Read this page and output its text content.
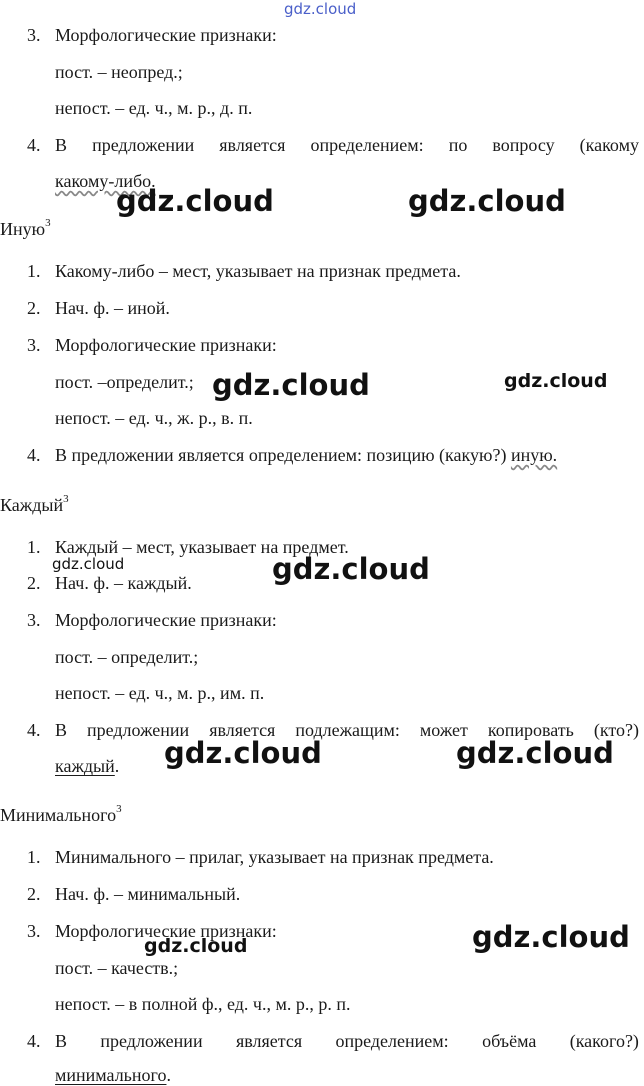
gdz.cloud
3. Морфологические признаки:
пост. – неопред.;
непост. – ед. ч., м. р., д. п.
4. В предложении является определением: по вопросу (какому
какому-либо.
gdz.cloud	gdz.cloud
Иную$^3$
1. Какому-либо – мест, указывает на признак предмета.
2. Нач. ф. – иной.
3. Морфологические признаки:
пост. –определит.; gdz.cloud	gdz.cloud
непост. – ед. ч., ж. р., в. п.
4. В предложении является определением: позицию (какую?) иную.
Каждый$^3$
1. Каждый – мест, указывает на предмет.
gdz.cloud
2. Нач. ф. – каждый.	gdz.cloud
3. Морфологические признаки:
пост. – определит.;
непост. – ед. ч., м. р., им. п.
4. В предложении является подлежащим: может копировать (кто?)
каждый. gdz.cloud	gdz.cloud
Минимального$^3$
1. Минимального – прилаг, указывает на признак предмета.
2. Нач. ф. – минимальный.
3. Морфологические признаки:	gdz.cloud
gdz.cloud
пост. – качеств.;
непост. – в полной ф., ед. ч., м. р., р. п.
4. В предложении является определением: объёма (какого?)
минимального.
